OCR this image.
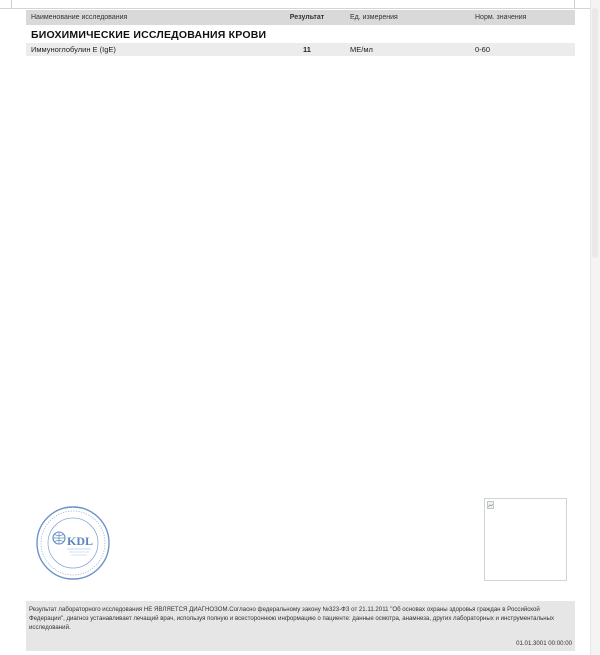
Наименование исследования	Результат	Ед. измерения	Норм. значения
БИОХИМИЧЕСКИЕ ИССЛЕДОВАНИЯ КРОВИ			
Иммуноглобулин Е (IgE)	11	МЕ/мл	0-60
KDL
Результат лабораторного исследования НЕ ЯВЛЯЕТСЯ ДИАГНОЗОМ.Согласно федеральному закону №323-ФЗ от 21.11.2011 "Об основах охраны здоровья граждан в Российской Федерации", диагноз устанавливает лечащий врач, используя полную и всестороннюю информацию о пациенте: данные осмотра, анамнеза, других лабораторных и инструментальных исследований.
01.01.3001 00:00:00
